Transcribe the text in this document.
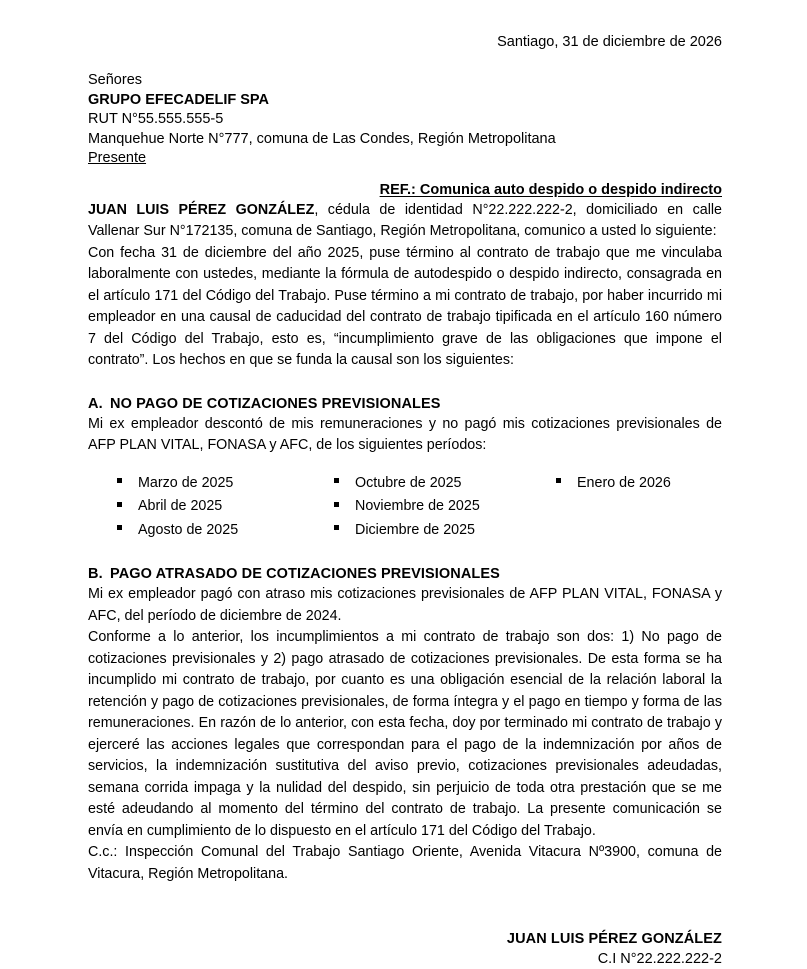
Santiago, 31 de diciembre de 2026
Señores
GRUPO EFECADELIF SPA
RUT N°55.555.555-5
Manquehue Norte N°777, comuna de Las Condes, Región Metropolitana
Presente
REF.: Comunica auto despido o despido indirecto

JUAN LUIS PÉREZ GONZÁLEZ, cédula de identidad N°22.222.222-2, domiciliado en calle Vallenar Sur N°172135, comuna de Santiago, Región Metropolitana, comunico a usted lo siguiente:

Con fecha 31 de diciembre del año 2025, puse término al contrato de trabajo que me vinculaba laboralmente con ustedes, mediante la fórmula de autodespido o despido indirecto, consagrada en el artículo 171 del Código del Trabajo. Puse término a mi contrato de trabajo, por haber incurrido mi empleador en una causal de caducidad del contrato de trabajo tipificada en el artículo 160 número 7 del Código del Trabajo, esto es, “incumplimiento grave de las obligaciones que impone el contrato”. Los hechos en que se funda la causal son los siguientes:

A. NO PAGO DE COTIZACIONES PREVISIONALES

Mi ex empleador descontó de mis remuneraciones y no pagó mis cotizaciones previsionales de AFP PLAN VITAL, FONASA y AFC, de los siguientes períodos:

Marzo de 2025
Abril de 2025
Agosto de 2025
Octubre de 2025
Noviembre de 2025
Diciembre de 2025
Enero de 2026
B. PAGO ATRASADO DE COTIZACIONES PREVISIONALES

Mi ex empleador pagó con atraso mis cotizaciones previsionales de AFP PLAN VITAL, FONASA y AFC, del período de diciembre de 2024.

Conforme a lo anterior, los incumplimientos a mi contrato de trabajo son dos: 1) No pago de cotizaciones previsionales y 2) pago atrasado de cotizaciones previsionales. De esta forma se ha incumplido mi contrato de trabajo, por cuanto es una obligación esencial de la relación laboral la retención y pago de cotizaciones previsionales, de forma íntegra y el pago en tiempo y forma de las remuneraciones. En razón de lo anterior, con esta fecha, doy por terminado mi contrato de trabajo y ejerceré las acciones legales que correspondan para el pago de la indemnización por años de servicios, la indemnización sustitutiva del aviso previo, cotizaciones previsionales adeudadas, semana corrida impaga y la nulidad del despido, sin perjuicio de toda otra prestación que se me esté adeudando al momento del término del contrato de trabajo. La presente comunicación se envía en cumplimiento de lo dispuesto en el artículo 171 del Código del Trabajo.

C.c.: Inspección Comunal del Trabajo Santiago Oriente, Avenida Vitacura Nº3900, comuna de Vitacura, Región Metropolitana.

JUAN LUIS PÉREZ GONZÁLEZ
C.I N°22.222.222-2
